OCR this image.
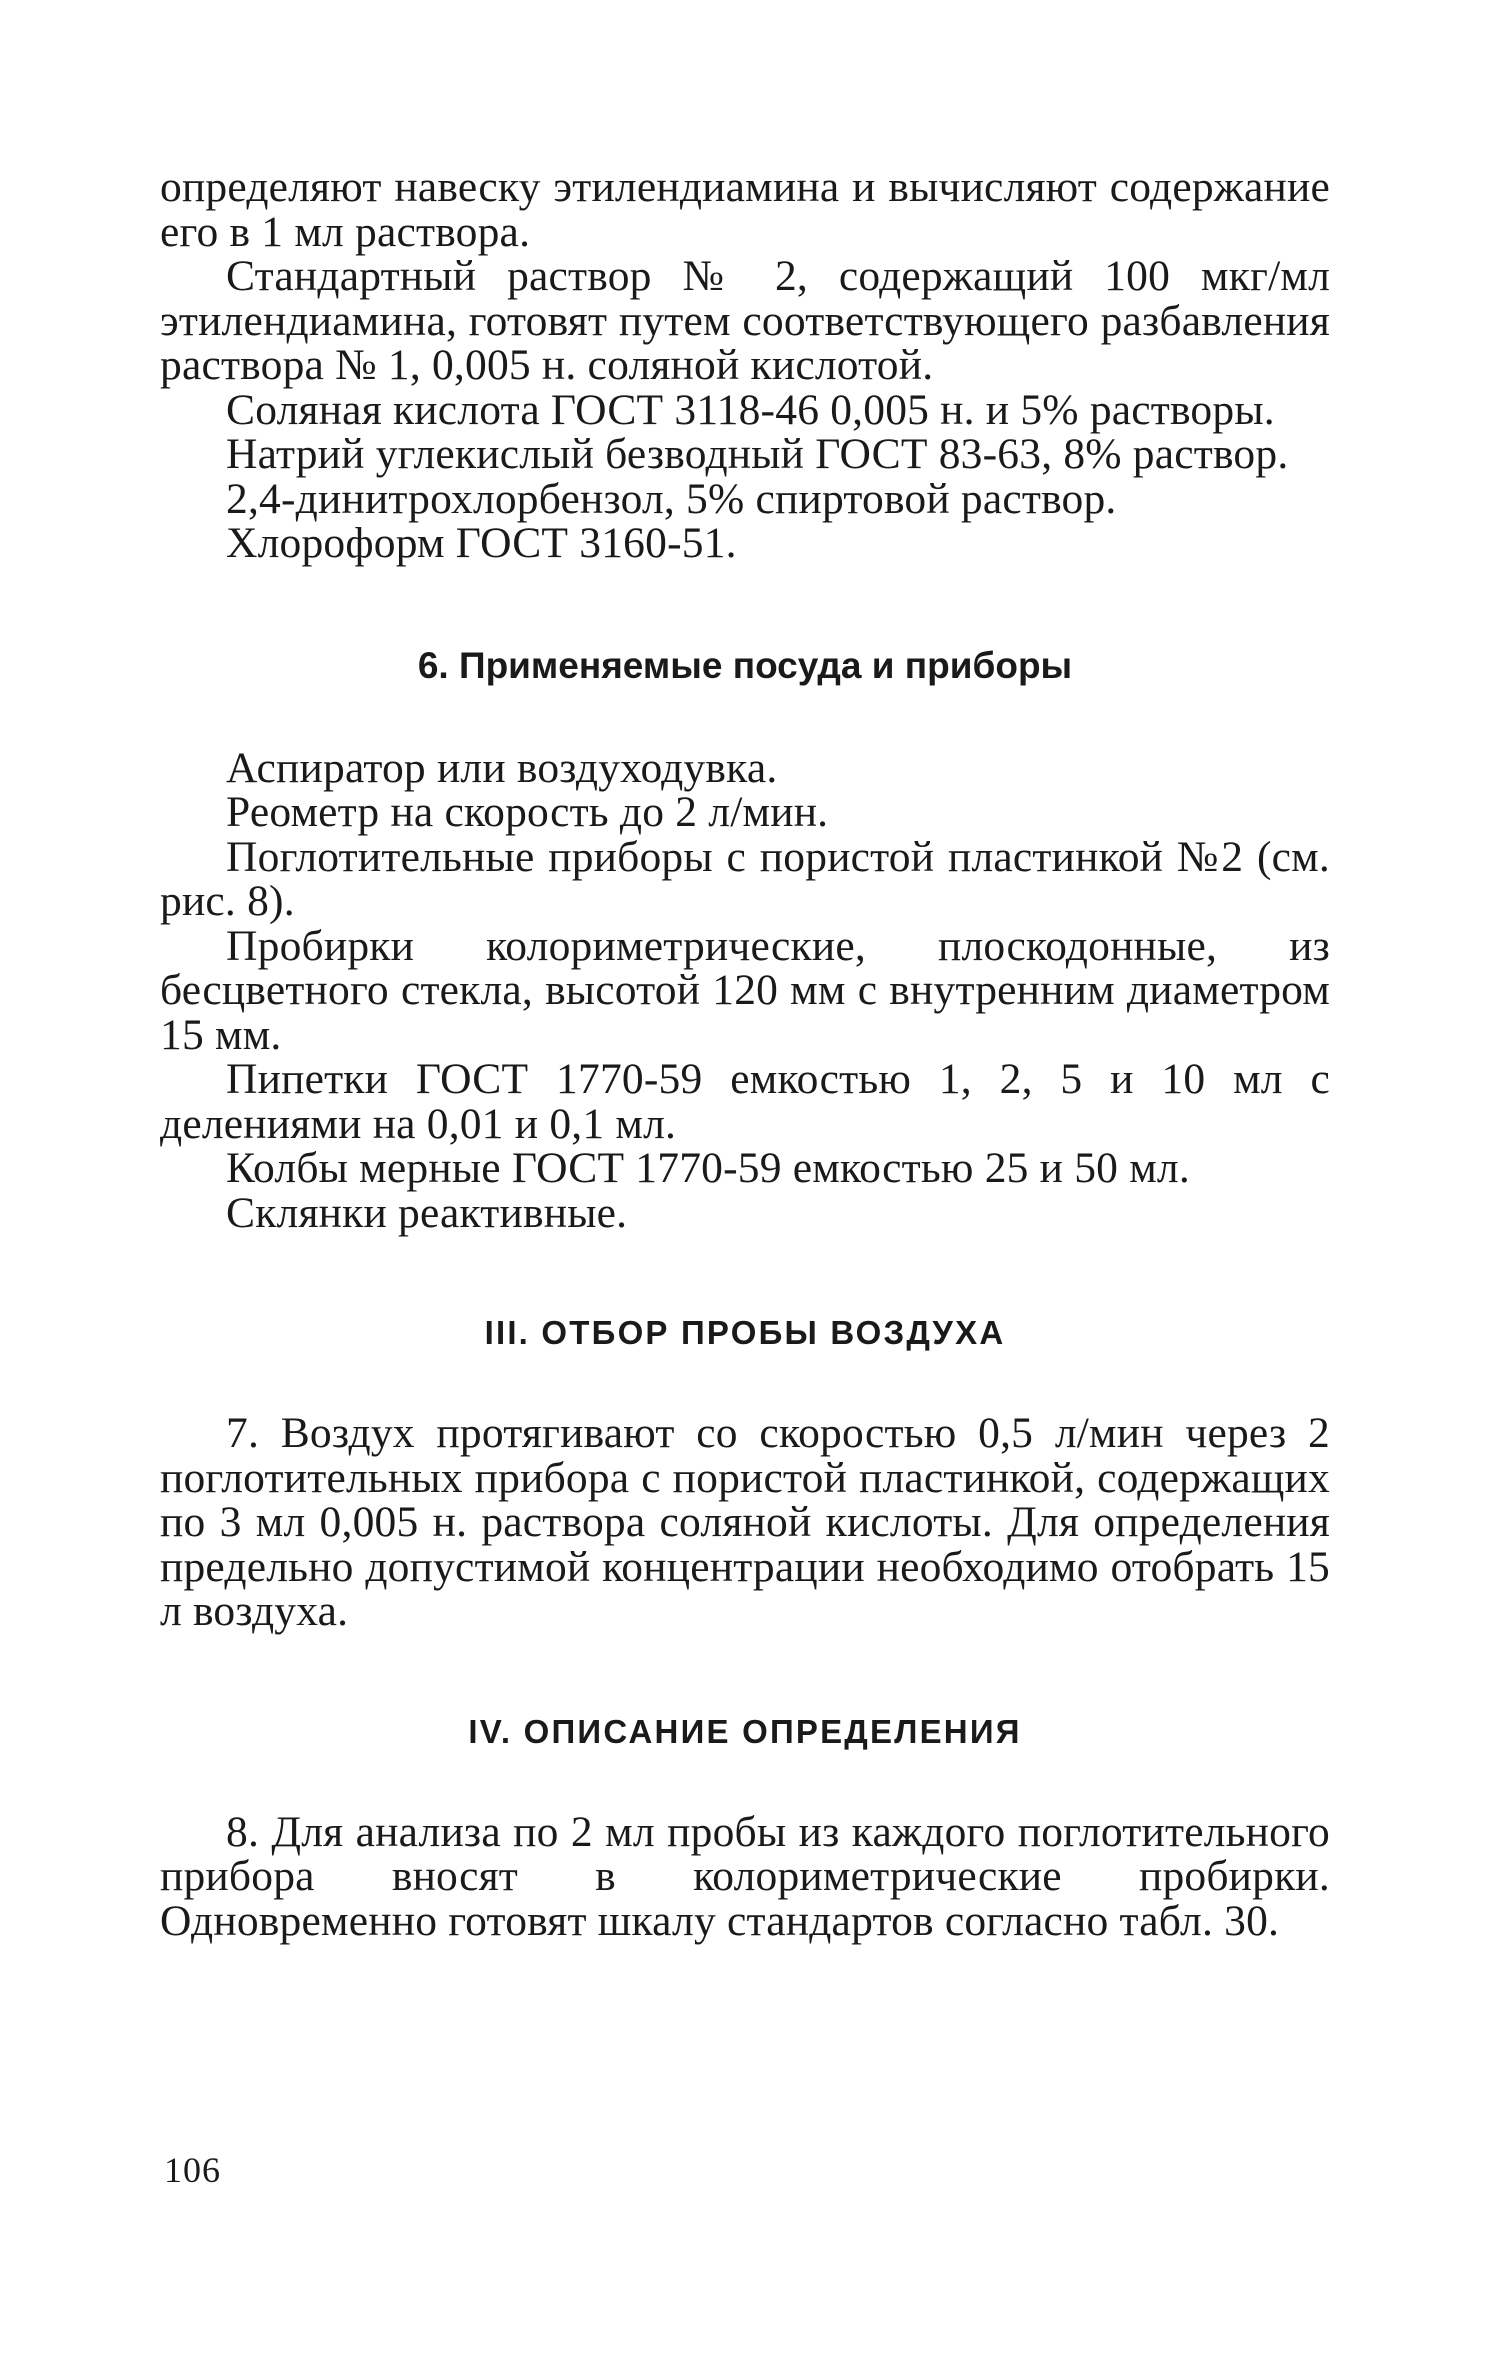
определяют навеску этилендиамина и вычисляют содержание его в 1 мл раствора.

Стандартный раствор № 2, содержащий 100 мкг/мл этилендиамина, готовят путем соответствующего разбавления раствора № 1, 0,005 н. соляной кислотой.

Соляная кислота ГОСТ 3118-46 0,005 н. и 5% растворы.

Натрий углекислый безводный ГОСТ 83-63, 8% раствор.

2,4-динитрохлорбензол, 5% спиртовой раствор.

Хлороформ ГОСТ 3160-51.

6. Применяемые посуда и приборы

Аспиратор или воздуходувка.

Реометр на скорость до 2 л/мин.

Поглотительные приборы с пористой пластинкой №2 (см. рис. 8).

Пробирки колориметрические, плоскодонные, из бесцветного стекла, высотой 120 мм с внутренним диаметром 15 мм.

Пипетки ГОСТ 1770-59 емкостью 1, 2, 5 и 10 мл с делениями на 0,01 и 0,1 мл.

Колбы мерные ГОСТ 1770-59 емкостью 25 и 50 мл.

Склянки реактивные.

III. ОТБОР ПРОБЫ ВОЗДУХА

7. Воздух протягивают со скоростью 0,5 л/мин через 2 поглотительных прибора с пористой пластинкой, содержащих по 3 мл 0,005 н. раствора соляной кислоты. Для определения предельно допустимой концентрации необходимо отобрать 15 л воздуха.

IV. ОПИСАНИЕ ОПРЕДЕЛЕНИЯ

8. Для анализа по 2 мл пробы из каждого поглотительного прибора вносят в колориметрические пробирки. Одновременно готовят шкалу стандартов согласно табл. 30.

106
